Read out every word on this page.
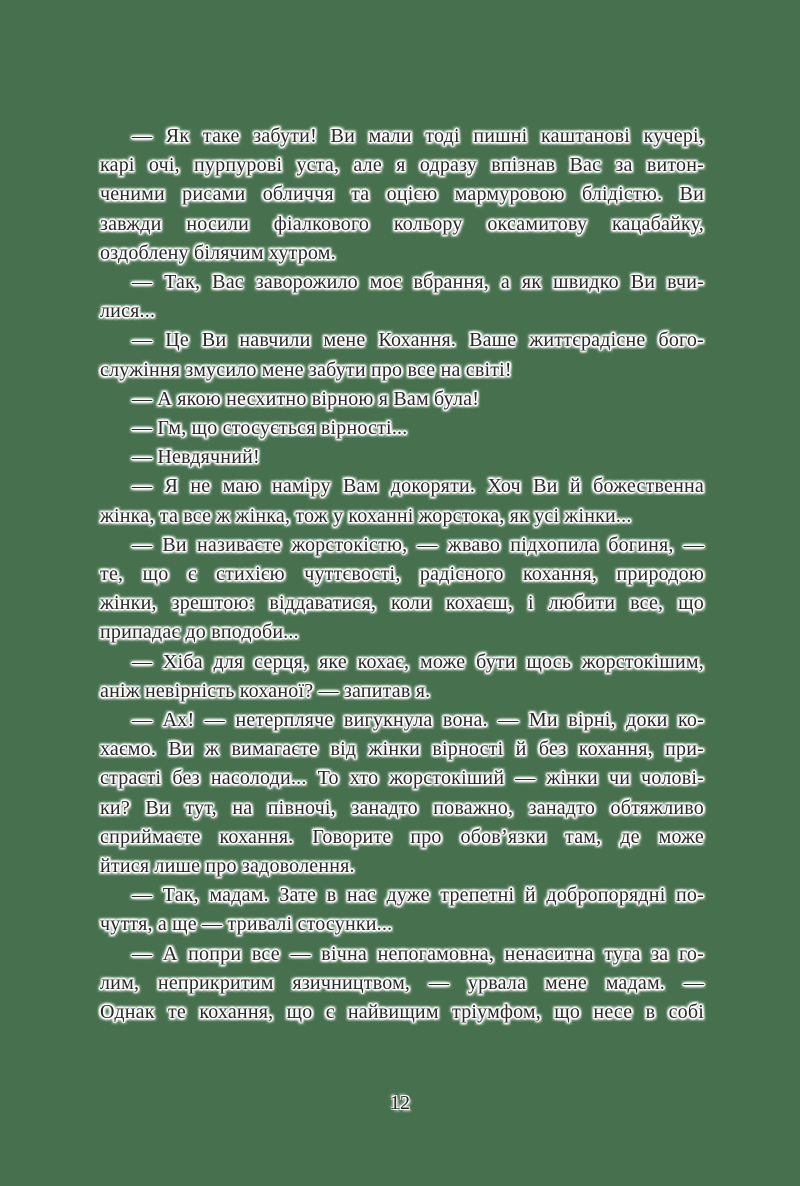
— Як таке забути! Ви мали тоді пишні каштанові кучері,
карі очі, пурпурові уста, але я одразу впізнав Вас за витон-
ченими рисами обличчя та оцією мармуровою блідістю. Ви
завжди носили фіалкового кольору оксамитову кацабайку,
оздоблену білячим хутром.
— Так, Вас заворожило моє вбрання, а як швидко Ви вчи-
лися...
— Це Ви навчили мене Кохання. Ваше життєрадісне бого-
служіння змусило мене забути про все на світі!
— А якою несхитно вірною я Вам була!
— Гм, що стосується вірності...
— Невдячний!
— Я не маю наміру Вам докоряти. Хоч Ви й божественна
жінка, та все ж жінка, тож у коханні жорстока, як усі жінки...
— Ви називаєте жорстокістю, — жваво підхопила богиня, —
те, що є стихією чуттєвості, радісного кохання, природою
жінки, зрештою: віддаватися, коли кохаєш, і любити все, що
припадає до вподоби...
— Хіба для серця, яке кохає, може бути щось жорстокішим,
аніж невірність коханої? — запитав я.
— Ах! — нетерпляче вигукнула вона. — Ми вірні, доки ко-
хаємо. Ви ж вимагаєте від жінки вірності й без кохання, при-
страсті без насолоди... То хто жорстокіший — жінки чи чолові-
ки? Ви тут, на півночі, занадто поважно, занадто обтяжливо
сприймаєте кохання. Говорите про обов’язки там, де може
йтися лише про задоволення.
— Так, мадам. Зате в нас дуже трепетні й добропорядні по-
чуття, а ще — тривалі стосунки...
— А попри все — вічна непогамовна, ненаситна туга за го-
лим, неприкритим язичництвом, — урвала мене мадам. —
Однак те кохання, що є найвищим тріумфом, що несе в собі
12
